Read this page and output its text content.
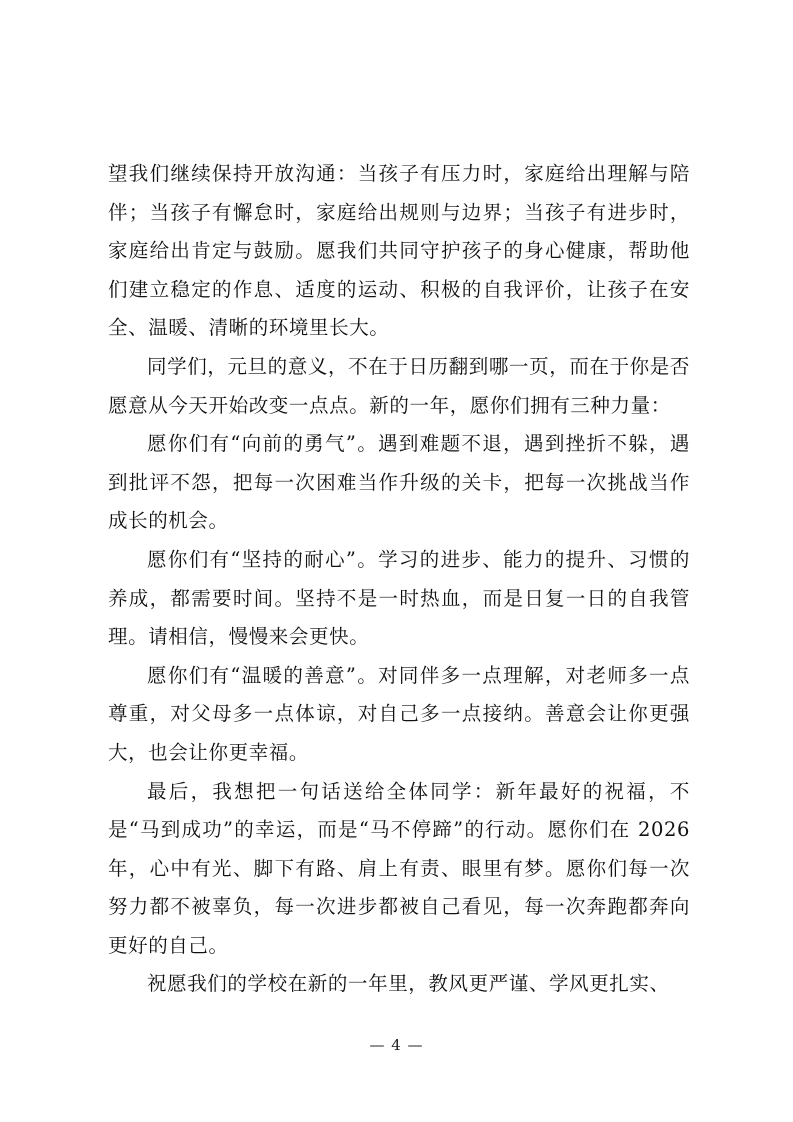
望我们继续保持开放沟通：当孩子有压力时，家庭给出理解与陪伴；当孩子有懈怠时，家庭给出规则与边界；当孩子有进步时，家庭给出肯定与鼓励。愿我们共同守护孩子的身心健康，帮助他们建立稳定的作息、适度的运动、积极的自我评价，让孩子在安全、温暖、清晰的环境里长大。

同学们，元旦的意义，不在于日历翻到哪一页，而在于你是否愿意从今天开始改变一点点。新的一年，愿你们拥有三种力量：

愿你们有“向前的勇气”。遇到难题不退，遇到挫折不躲，遇到批评不怨，把每一次困难当作升级的关卡，把每一次挑战当作成长的机会。

愿你们有“坚持的耐心”。学习的进步、能力的提升、习惯的养成，都需要时间。坚持不是一时热血，而是日复一日的自我管理。请相信，慢慢来会更快。

愿你们有“温暖的善意”。对同伴多一点理解，对老师多一点尊重，对父母多一点体谅，对自己多一点接纳。善意会让你更强大，也会让你更幸福。

最后，我想把一句话送给全体同学：新年最好的祝福，不是“马到成功”的幸运，而是“马不停蹄”的行动。愿你们在 2026 年，心中有光、脚下有路、肩上有责、眼里有梦。愿你们每一次努力都不被辜负，每一次进步都被自己看见，每一次奔跑都奔向更好的自己。

祝愿我们的学校在新的一年里，教风更严谨、学风更扎实、

— 4 —
